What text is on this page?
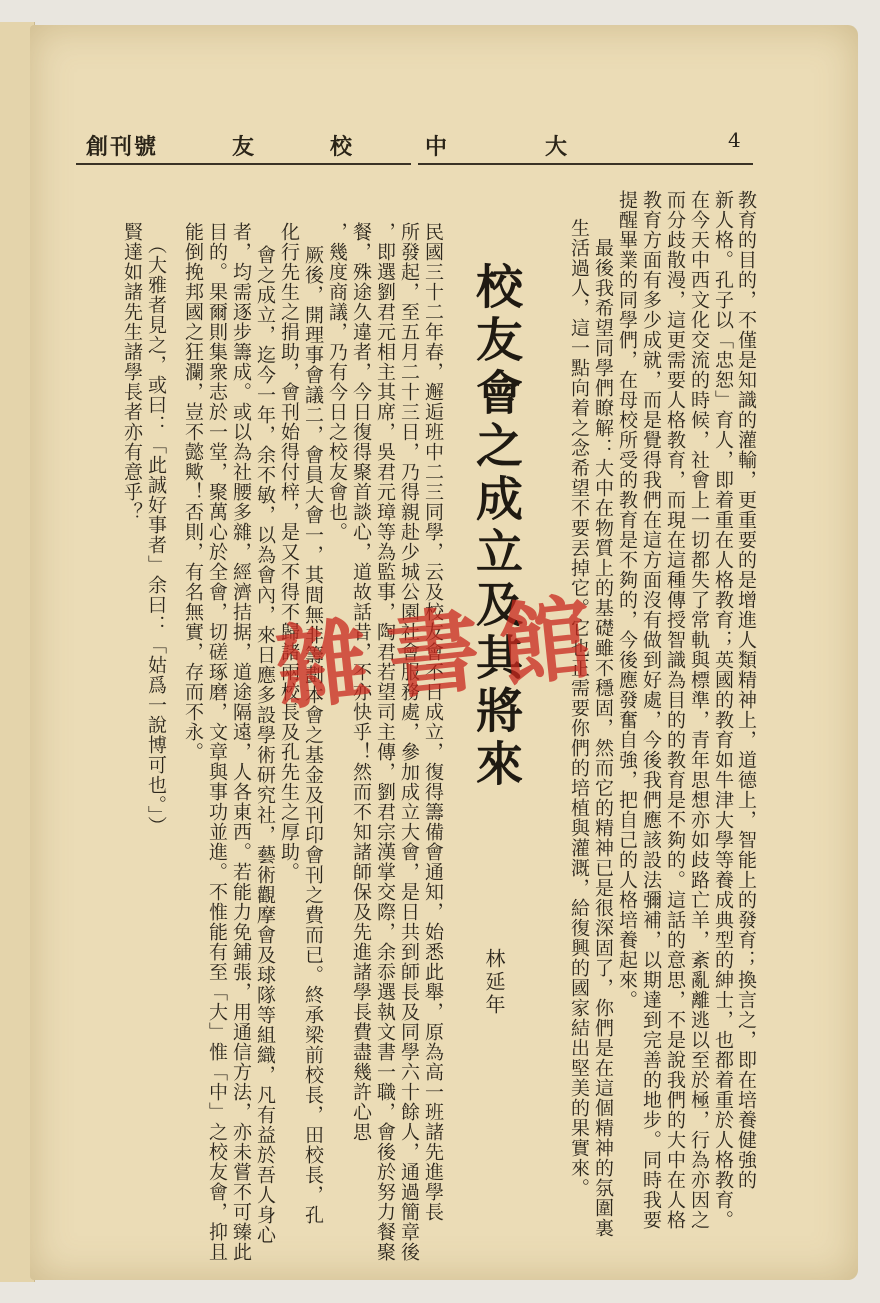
大
中
校
友
創刊號	4
教育的目的，不僅是知識的灌輸，更重要的是增進人類精神上，道德上，智能上的發育；換言之，即在培養健強的
新人格。孔子以「忠恕」育人，即着重在人格教育；英國的教育如牛津大學等養成典型的紳士，也都着重於人格教育。
在今天中西文化交流的時候，社會上一切都失了常軌與標準，青年思想亦如歧路亡羊，紊亂離逃以至於極，行為亦因之
而分歧散漫，這更需要人格教育，而現在這種傳授智識為目的的教育是不夠的。這話的意思，不是說我們的大中在人格
教育方面有多少成就，而是覺得我們在這方面沒有做到好處，今後我們應該設法彌補，以期達到完善的地步。同時我要
提醒畢業的同學們，在母校所受的教育是不夠的，今後應發奮自強，把自己的人格培養起來。
最後我希望同學們瞭解：大中在物質上的基礎雖不穩固，然而它的精神已是很深固了，你們是在這個精神的氛圍裏
生活過人，這一點向着之念希望不要丟掉它。它也正需要你們的培植與灌溉，給復興的國家結出堅美的果實來。
校友會之成立及其將來
林延年
民國三十二年春，邂逅班中二三同學，云及校友會不日成立，復得籌備會通知，始悉此舉，原為高一班諸先進學長
所發起，至五月二十三日，乃得親赴少城公園社會服務處，參加成立大會，是日共到師長及同學六十餘人，通過簡章後
，即選劉君元相主其席，吳君元璋等為監事，陶君若望司主傳，劉君宗漢掌交際，余忝選執文書一職，會後於努力餐聚
餐，殊途久違者，今日復得聚首談心，道故話昔，不亦快乎！然而不知諸師保及先進諸學長費盡幾許心思
，幾度商議，乃有今日之校友會也。
厥後，開理事會議二，會員大會一，其間無非籌劃本會之基金及刊印會刊之費而已。終承梁前校長，田校長，孔
化行先生之捐助，會刊始得付梓，是又不得不歸諸兩校長及孔先生之厚助。
會之成立，迄今一年，余不敏，以為會內，來日應多設學術研究社，藝術觀摩會及球隊等組織，凡有益於吾人身心
者，均需逐步籌成。或以為社腰多雜，經濟拮据，道途隔遠，人各東西。若能力免鋪張，用通信方法，亦未嘗不可臻此
目的。果爾則集衆志於一堂，聚萬心於全會，切磋琢磨，文章與事功並進。不惟能有至「大」惟「中」之校友會，抑且
能倒挽邦國之狂瀾，豈不懿歟！否則，有名無實，存而不永。
（大雅者見之，或曰：「此誠好事者」余曰：「姑爲一說博可也。」）
賢達如諸先生諸學長者亦有意乎？
雜 書 館
